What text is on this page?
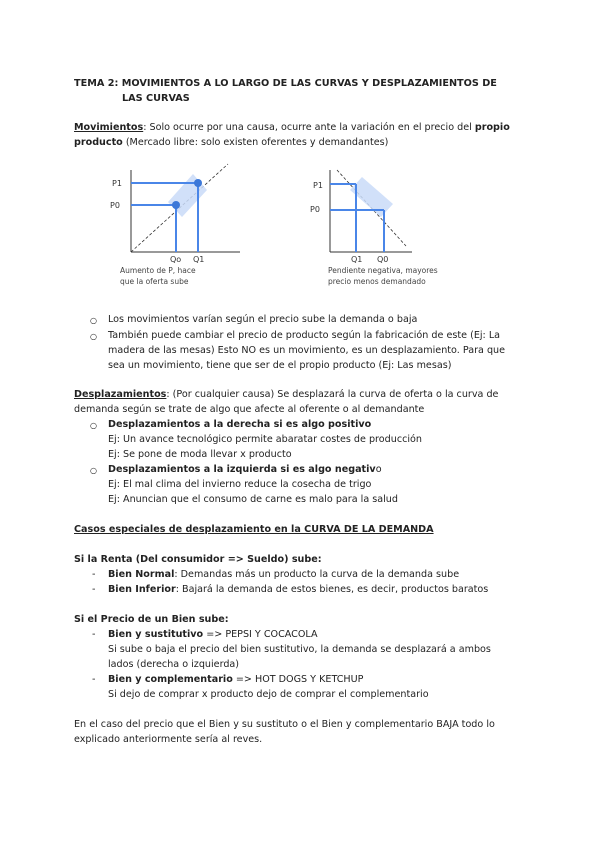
TEMA 2: MOVIMIENTOS A LO LARGO DE LAS CURVAS Y DESPLAZAMIENTOS DE
LAS CURVAS
Movimientos: Solo ocurre por una causa, ocurre ante la variación en el precio del propio
producto (Mercado libre: solo existen oferentes y demandantes)
P1
P0
Qo Q1
Aumento de P, hace
que la oferta sube
P1
P0
Q1 Q0
Pendiente negativa, mayores
precio menos demandado
○ Los movimientos varían según el precio sube la demanda o baja
○ También puede cambiar el precio de producto según la fabricación de este (Ej: La
madera de las mesas) Esto NO es un movimiento, es un desplazamiento. Para que
sea un movimiento, tiene que ser de el propio producto (Ej: Las mesas)
Desplazamientos: (Por cualquier causa) Se desplazará la curva de oferta o la curva de
demanda según se trate de algo que afecte al oferente o al demandante
○ Desplazamientos a la derecha si es algo positivo
Ej: Un avance tecnológico permite abaratar costes de producción
Ej: Se pone de moda llevar x producto
○ Desplazamientos a la izquierda si es algo negativo
Ej: El mal clima del invierno reduce la cosecha de trigo
Ej: Anuncian que el consumo de carne es malo para la salud
Casos especiales de desplazamiento en la CURVA DE LA DEMANDA
Si la Renta (Del consumidor => Sueldo) sube:
- Bien Normal: Demandas más un producto la curva de la demanda sube
- Bien Inferior: Bajará la demanda de estos bienes, es decir, productos baratos
Si el Precio de un Bien sube:
- Bien y sustitutivo => PEPSI Y COCACOLA
Si sube o baja el precio del bien sustitutivo, la demanda se desplazará a ambos
lados (derecha o izquierda)
- Bien y complementario => HOT DOGS Y KETCHUP
Si dejo de comprar x producto dejo de comprar el complementario
En el caso del precio que el Bien y su sustituto o el Bien y complementario BAJA todo lo
explicado anteriormente sería al reves.
